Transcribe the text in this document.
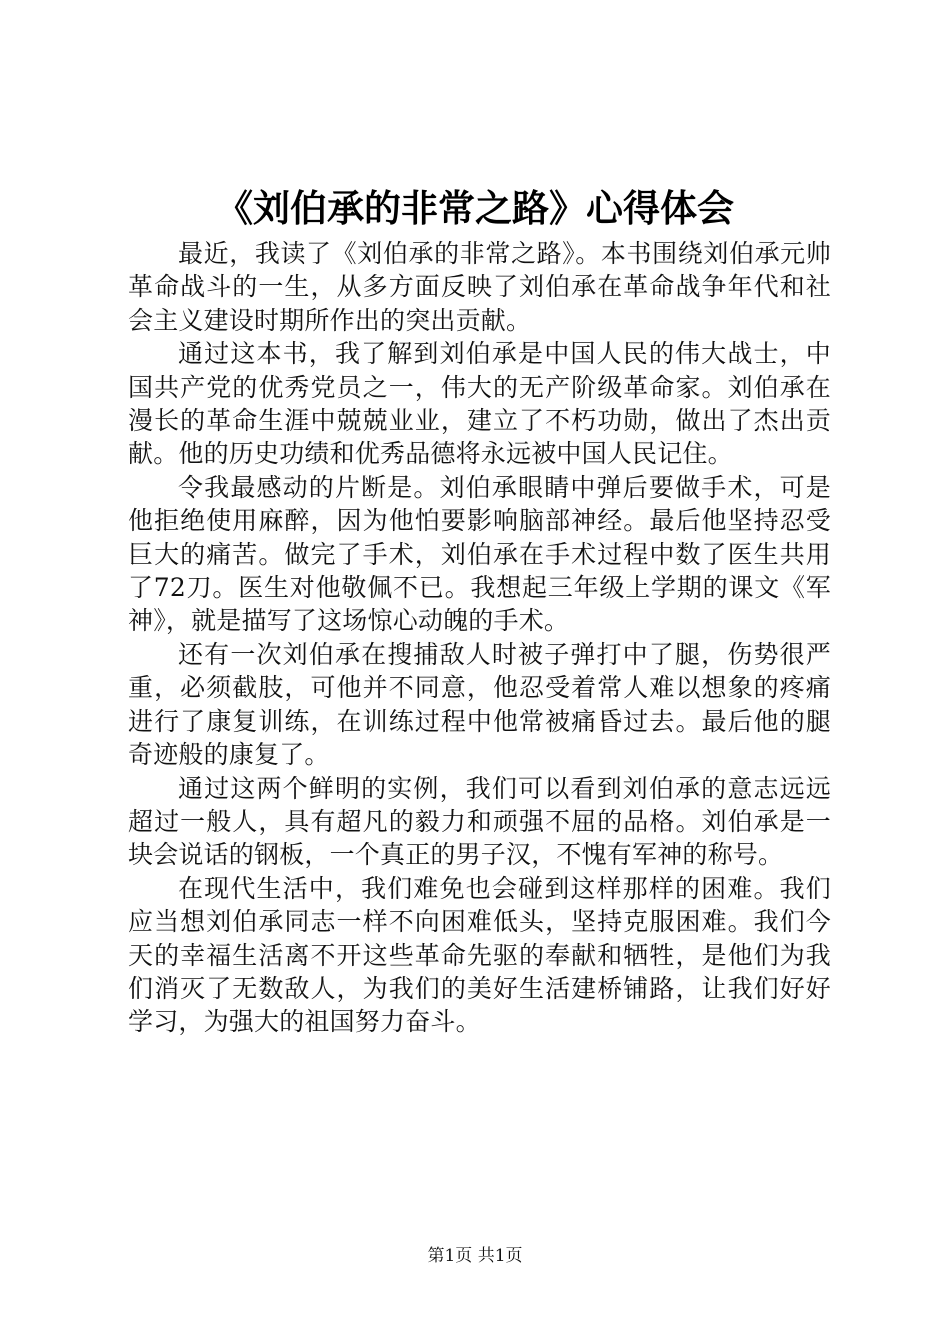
《刘伯承的非常之路》心得体会

最近，我读了《刘伯承的非常之路》。本书围绕刘伯承元帅革命战斗的一生，从多方面反映了刘伯承在革命战争年代和社会主义建设时期所作出的突出贡献。

通过这本书，我了解到刘伯承是中国人民的伟大战士，中国共产党的优秀党员之一，伟大的无产阶级革命家。刘伯承在漫长的革命生涯中兢兢业业，建立了不朽功勋，做出了杰出贡献。他的历史功绩和优秀品德将永远被中国人民记住。

令我最感动的片断是。刘伯承眼睛中弹后要做手术，可是他拒绝使用麻醉，因为他怕要影响脑部神经。最后他坚持忍受巨大的痛苦。做完了手术，刘伯承在手术过程中数了医生共用了72刀。医生对他敬佩不已。我想起三年级上学期的课文《军神》，就是描写了这场惊心动魄的手术。

还有一次刘伯承在搜捕敌人时被子弹打中了腿，伤势很严重，必须截肢，可他并不同意，他忍受着常人难以想象的疼痛进行了康复训练，在训练过程中他常被痛昏过去。最后他的腿奇迹般的康复了。

通过这两个鲜明的实例，我们可以看到刘伯承的意志远远超过一般人，具有超凡的毅力和顽强不屈的品格。刘伯承是一块会说话的钢板，一个真正的男子汉，不愧有军神的称号。

在现代生活中，我们难免也会碰到这样那样的困难。我们应当想刘伯承同志一样不向困难低头，坚持克服困难。我们今天的幸福生活离不开这些革命先驱的奉献和牺牲，是他们为我们消灭了无数敌人，为我们的美好生活建桥铺路，让我们好好学习，为强大的祖国努力奋斗。

第1页 共1页
